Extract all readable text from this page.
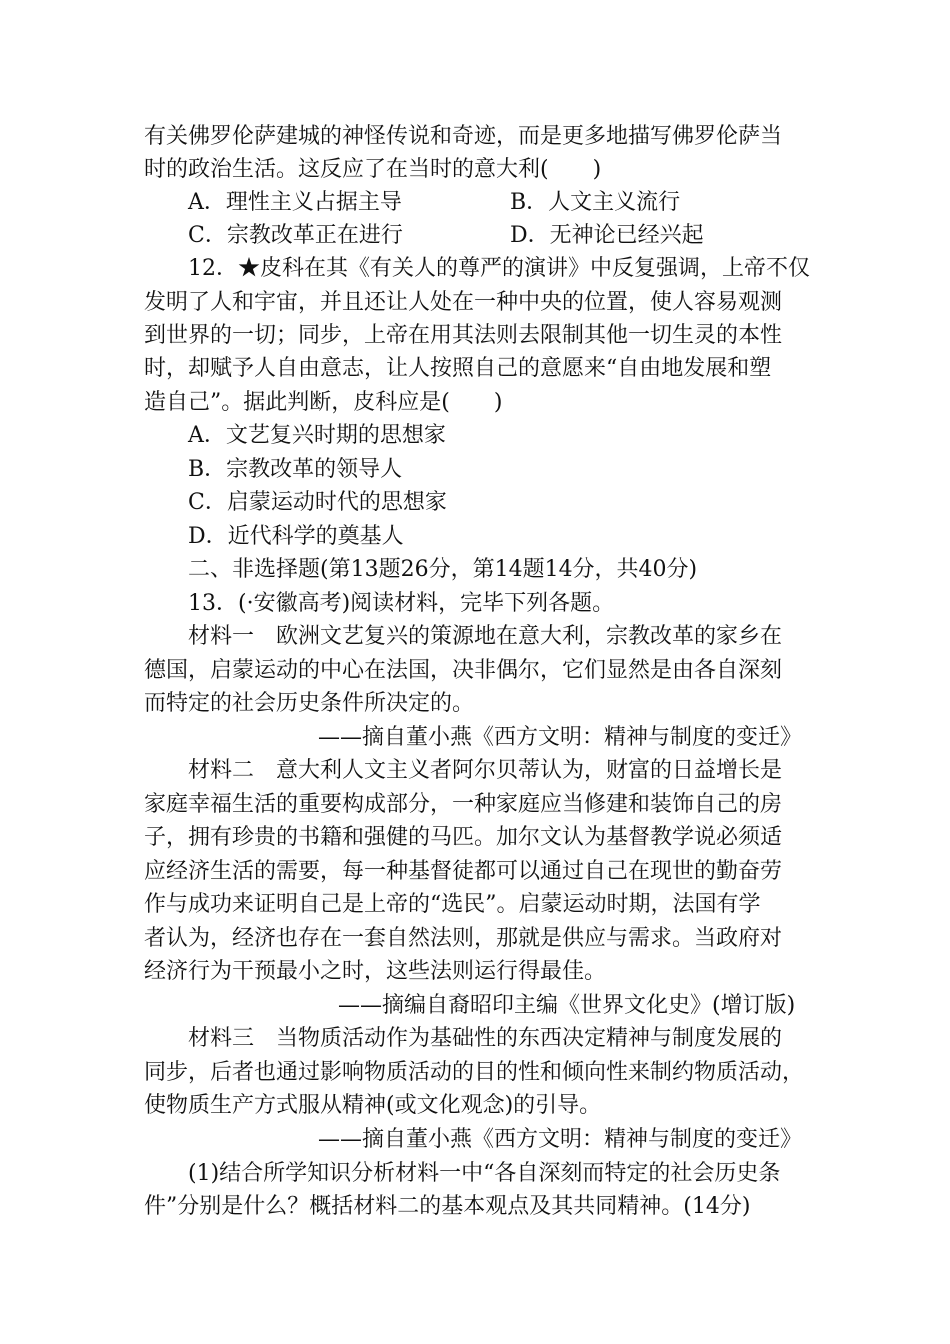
有关佛罗伦萨建城的神怪传说和奇迹，而是更多地描写佛罗伦萨当
时的政治生活。这反应了在当时的意大利(　　)
A．理性主义占据主导	B．人文主义流行
C．宗教改革正在进行	D．无神论已经兴起
12．★皮科在其《有关人的尊严的演讲》中反复强调，上帝不仅
发明了人和宇宙，并且还让人处在一种中央的位置，使人容易观测
到世界的一切；同步，上帝在用其法则去限制其他一切生灵的本性
时，却赋予人自由意志，让人按照自己的意愿来“自由地发展和塑
造自己”。据此判断，皮科应是(　　)
A．文艺复兴时期的思想家
B．宗教改革的领导人
C．启蒙运动时代的思想家
D．近代科学的奠基人
二、非选择题(第13题26分，第14题14分，共40分)
13．(·安徽高考)阅读材料，完毕下列各题。
材料一　欧洲文艺复兴的策源地在意大利，宗教改革的家乡在
德国，启蒙运动的中心在法国，决非偶尔，它们显然是由各自深刻
而特定的社会历史条件所决定的。
——摘自董小燕《西方文明：精神与制度的变迁》
材料二　意大利人文主义者阿尔贝蒂认为，财富的日益增长是
家庭幸福生活的重要构成部分，一种家庭应当修建和装饰自己的房
子，拥有珍贵的书籍和强健的马匹。加尔文认为基督教学说必须适
应经济生活的需要，每一种基督徒都可以通过自己在现世的勤奋劳
作与成功来证明自己是上帝的“选民”。启蒙运动时期，法国有学
者认为，经济也存在一套自然法则，那就是供应与需求。当政府对
经济行为干预最小之时，这些法则运行得最佳。
——摘编自裔昭印主编《世界文化史》(增订版)
材料三　当物质活动作为基础性的东西决定精神与制度发展的
同步，后者也通过影响物质活动的目的性和倾向性来制约物质活动，
使物质生产方式服从精神(或文化观念)的引导。
——摘自董小燕《西方文明：精神与制度的变迁》
(1)结合所学知识分析材料一中“各自深刻而特定的社会历史条
件”分别是什么？概括材料二的基本观点及其共同精神。(14分)
